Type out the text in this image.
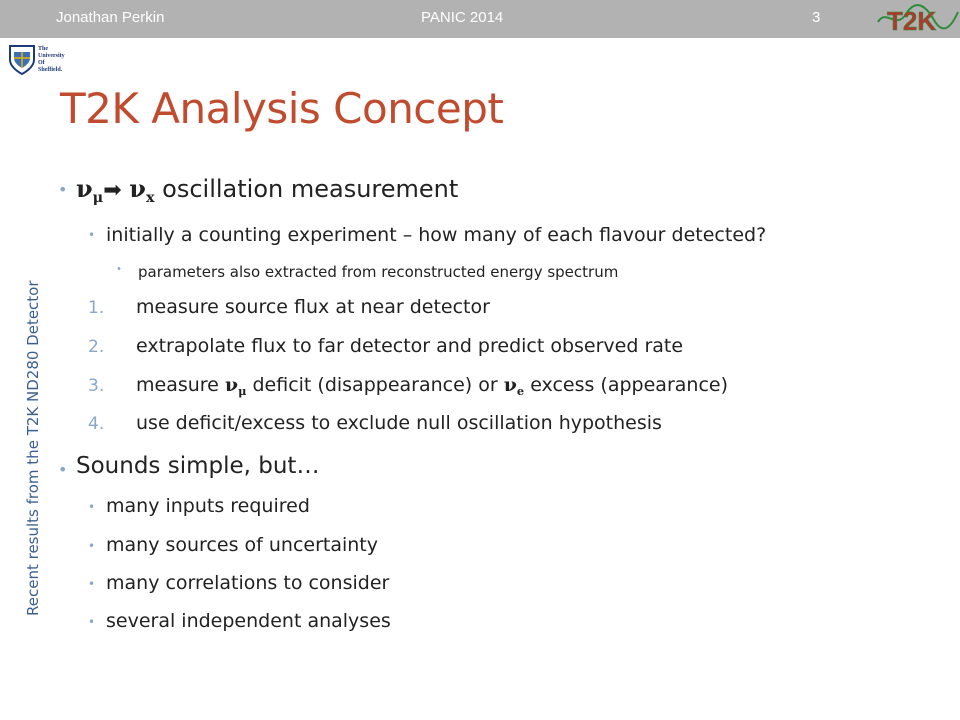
Jonathan Perkin	PANIC 2014	3	T2K
The
University
Of
Sheffield.
T2K Analysis Concept
Recent results from the T2K ND280 Detector
• $\nu_\mu➡$ $\nu_x$ oscillation measurement
• initially a counting experiment – how many of each flavour detected?
• parameters also extracted from reconstructed energy spectrum
1. measure source flux at near detector
2. extrapolate flux to far detector and predict observed rate
3. measure $\nu_\mu$ deficit (disappearance) or $\nu_e$ excess (appearance)
4. use deficit/excess to exclude null oscillation hypothesis
• Sounds simple, but…
• many inputs required
• many sources of uncertainty
• many correlations to consider
• several independent analyses
